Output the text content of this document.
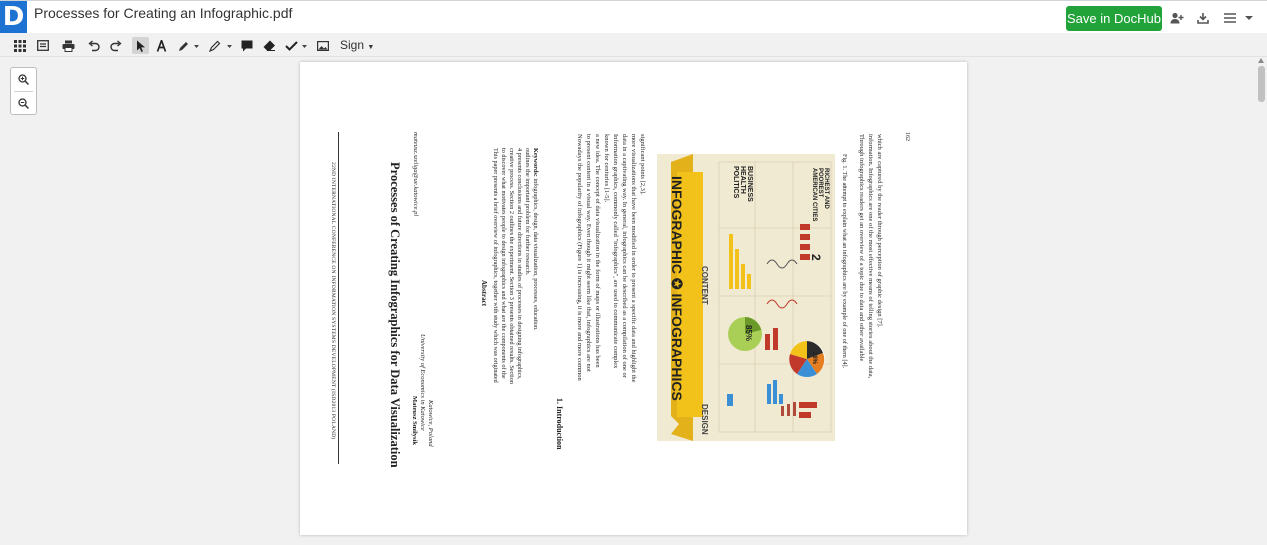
D Processes for Creating an Infographic.pdf	Save in DocHub
Sign ▼
22ND INTERNATIONAL CONFERENCE ON INFORMATION SYSTEMS DEVELOPMENT (ISD2013 POLAND)	Processes of Creating Infographics for Data Visualization mateusz.szeliga@ue.katowice.pl
Mateusz Smiłysik University of Economics in Katowice Katowice, Poland
Abstract This paper presents a brief overview of infographics, together with study which was originated to discover what motivates people to design infographics and what are the components of the creative process. Section 2 outlines the experiment. Section 3 presents obtained results. Section 4 presents conclusions and future directions in studies of processes in designing infographics, outlines the important problem for further research. Keywords: infographics, design, data visualization, processes, education.
1. Introduction
Nowadays the popularity of infographics (Figure 1) is increasing, it is more and more common to present content in a visual way. Even though it might seem like that, infographics are not a new idea. The concept of data visualization in the form of maps or illustrations has been known for centuries [1-5]. Information graphics, commonly called "infographics", are used to communicate complex data in a captivating way. In general, infographics can be described as a compilation of one or more visualizations that have been modified in order to present a specific data and highlight the significant points [2,3].
INFOGRAPHIC ✪ INFOGRAPHICS
DESIGN
CONTENT
BUSINESS HEALTH POLITICS	RICHEST AND POOREST AMERICAN CITIES
85%
28%
2	Fig. 1. The attempt to explain what an infographics are by example of one of them [4]. Through infographics readers get an overview of a topic due to data and other available information. Infographics are one of the most effective means of telling stories about the data, which are captured by the reader through perception of graphic design [7].	162
